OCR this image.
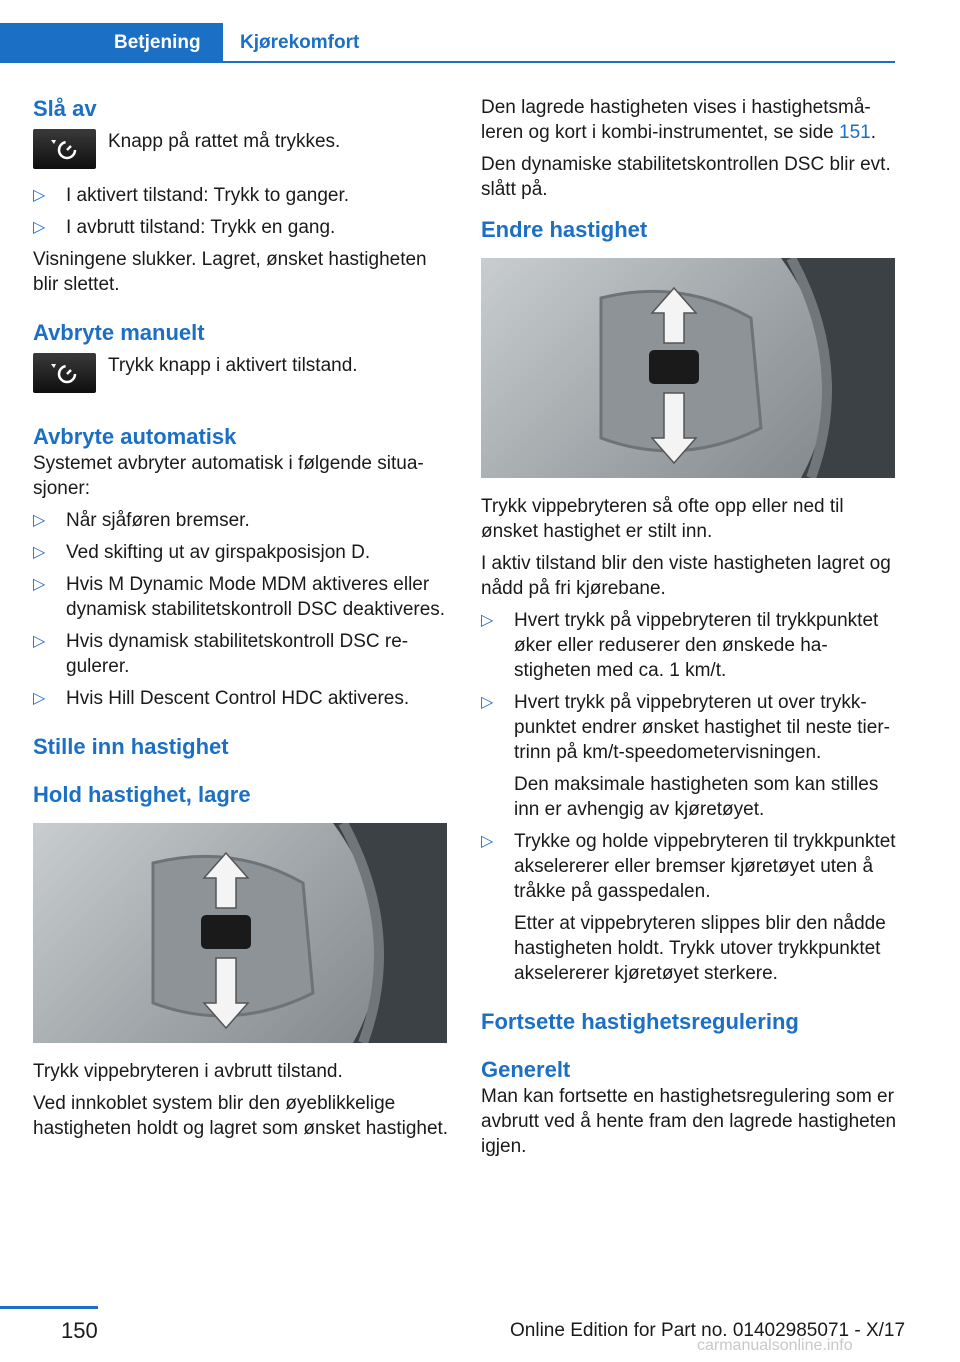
Betjening	Kjørekomfort
Slå av
Knapp på rattet må trykkes.
▷ I aktivert tilstand: Trykk to ganger.
▷ I avbrutt tilstand: Trykk en gang.

Visningene slukker. Lagret, ønsket hastigheten blir slettet.

Avbryte manuelt
Trykk knapp i aktivert tilstand.
Avbryte automatisk

Systemet avbryter automatisk i følgende situasjoner:

▷ Når sjåføren bremser.
▷ Ved skifting ut av girspakposisjon D.
▷ Hvis M Dynamic Mode MDM aktiveres eller dynamisk stabilitetskontroll DSC deaktiveres.
▷ Hvis dynamisk stabilitetskontroll DSC regulerer.
▷ Hvis Hill Descent Control HDC aktiveres.
Stille inn hastighet
Hold hastighet, lagre

Trykk vippebryteren i avbrutt tilstand.

Ved innkoblet system blir den øyeblikkelige hastigheten holdt og lagret som ønsket hastighet.

Den lagrede hastigheten vises i hastighetsmåleren og kort i kombi-instrumentet, se side 151.

Den dynamiske stabilitetskontrollen DSC blir evt. slått på.

Endre hastighet

Trykk vippebryteren så ofte opp eller ned til ønsket hastighet er stilt inn.

I aktiv tilstand blir den viste hastigheten lagret og nådd på fri kjørebane.

▷ Hvert trykk på vippebryteren til trykkpunktet øker eller reduserer den ønskede hastigheten med ca. 1 km/t.
▷ Hvert trykk på vippebryteren ut over trykkpunktet endrer ønsket hastighet til neste tier-trinn på km/t-speedometervisningen.
Den maksimale hastigheten som kan stilles inn er avhengig av kjøretøyet.
▷ Trykke og holde vippebryteren til trykkpunktet akselererer eller bremser kjøretøyet uten å tråkke på gasspedalen.
Etter at vippebryteren slippes blir den nådde hastigheten holdt. Trykk utover trykkpunktet akselererer kjøretøyet sterkere.
Fortsette hastighetsregulering
Generelt

Man kan fortsette en hastighetsregulering som er avbrutt ved å hente fram den lagrede hastigheten igjen.

150	Online Edition for Part no. 01402985071 - X/17
carmanualsonline.info
